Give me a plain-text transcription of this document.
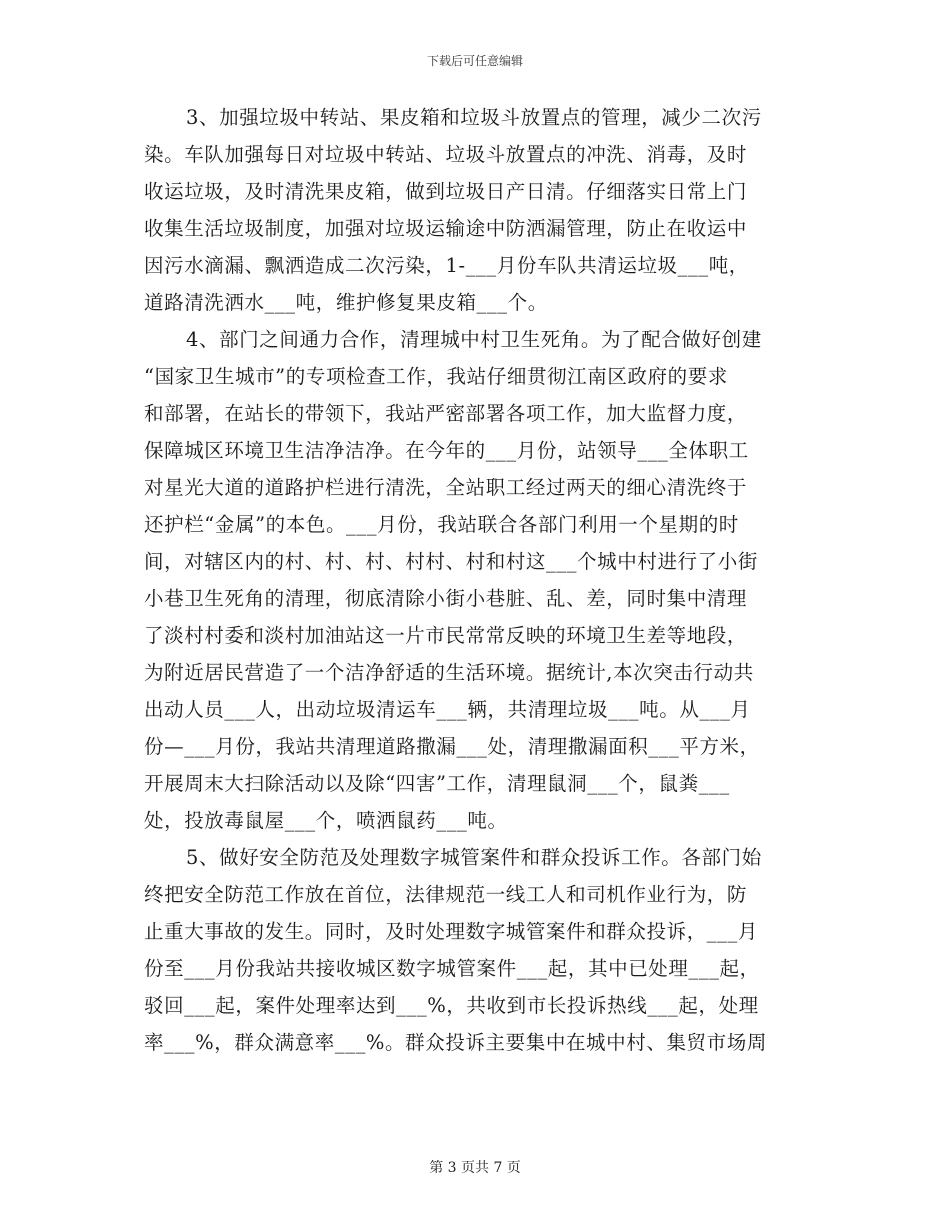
下载后可任意编辑
3、加强垃圾中转站、果皮箱和垃圾斗放置点的管理，减少二次污
染。车队加强每日对垃圾中转站、垃圾斗放置点的冲洗、消毒，及时
收运垃圾，及时清洗果皮箱，做到垃圾日产日清。仔细落实日常上门
收集生活垃圾制度，加强对垃圾运输途中防洒漏管理，防止在收运中
因污水滴漏、飘洒造成二次污染，1-___月份车队共清运垃圾___吨，
道路清洗洒水___吨，维护修复果皮箱___个。
4、部门之间通力合作，清理城中村卫生死角。为了配合做好创建
“国家卫生城市”的专项检查工作，我站仔细贯彻江南区政府的要求
和部署，在站长的带领下，我站严密部署各项工作，加大监督力度，
保障城区环境卫生洁净洁净。在今年的___月份，站领导___全体职工
对星光大道的道路护栏进行清洗，全站职工经过两天的细心清洗终于
还护栏“金属”的本色。___月份，我站联合各部门利用一个星期的时
间，对辖区内的村、村、村、村村、村和村这___个城中村进行了小街
小巷卫生死角的清理，彻底清除小街小巷脏、乱、差，同时集中清理
了淡村村委和淡村加油站这一片市民常常反映的环境卫生差等地段，
为附近居民营造了一个洁净舒适的生活环境。据统计,本次突击行动共
出动人员___人，出动垃圾清运车___辆，共清理垃圾___吨。从___月
份—___月份，我站共清理道路撒漏___处，清理撒漏面积___平方米，
开展周末大扫除活动以及除“四害”工作，清理鼠洞___个，鼠粪___
处，投放毒鼠屋___个，喷洒鼠药___吨。
5、做好安全防范及处理数字城管案件和群众投诉工作。各部门始
终把安全防范工作放在首位，法律规范一线工人和司机作业行为，防
止重大事故的发生。同时，及时处理数字城管案件和群众投诉，___月
份至___月份我站共接收城区数字城管案件___起，其中已处理___起，
驳回___起，案件处理率达到___%，共收到市长投诉热线___起，处理
率___%，群众满意率___%。群众投诉主要集中在城中村、集贸市场周
第 3 页共 7 页
